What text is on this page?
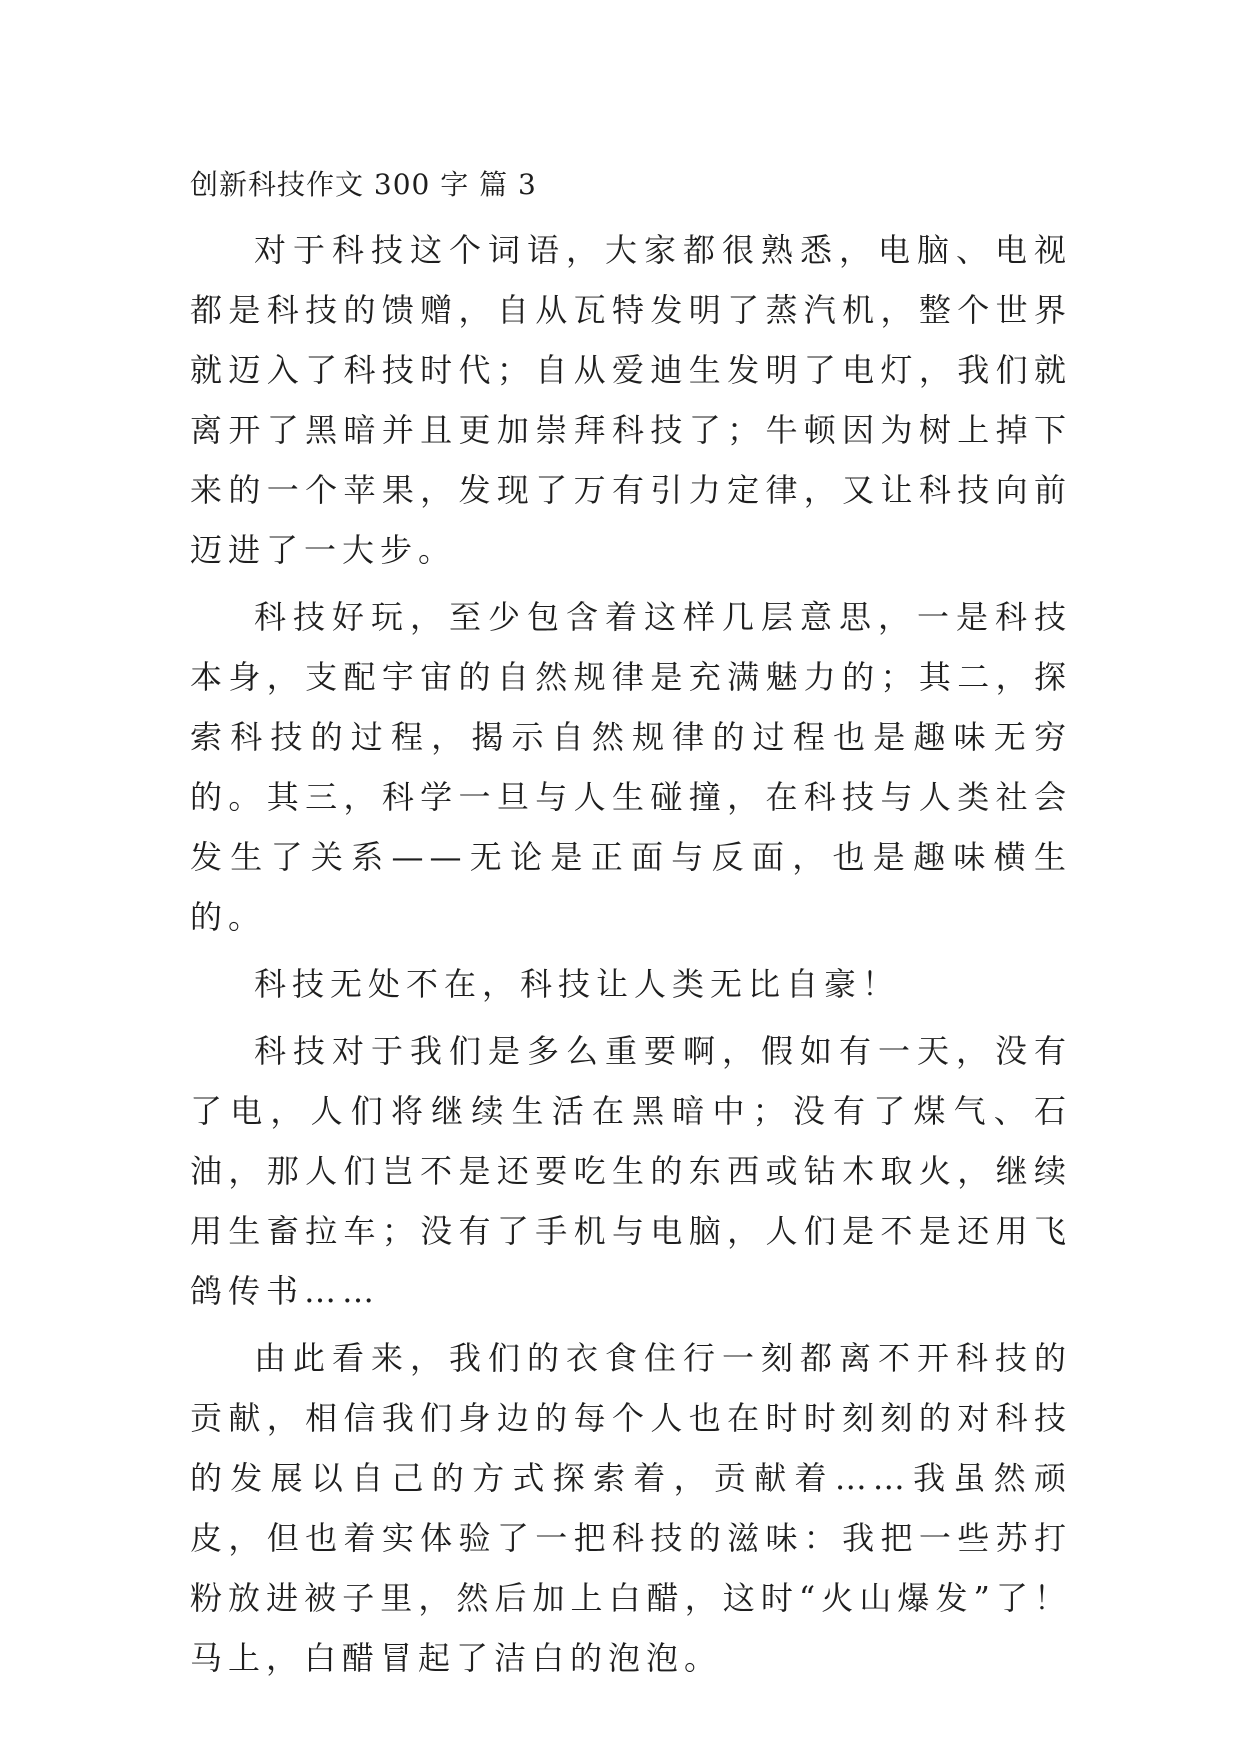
创新科技作文 300 字 篇 3

对于科技这个词语，大家都很熟悉，电脑、电视都是科技的馈赠，自从瓦特发明了蒸汽机，整个世界就迈入了科技时代；自从爱迪生发明了电灯，我们就离开了黑暗并且更加崇拜科技了；牛顿因为树上掉下来的一个苹果，发现了万有引力定律，又让科技向前迈进了一大步。

科技好玩，至少包含着这样几层意思，一是科技本身，支配宇宙的自然规律是充满魅力的；其二，探索科技的过程，揭示自然规律的过程也是趣味无穷的。其三，科学一旦与人生碰撞，在科技与人类社会发生了关系——无论是正面与反面，也是趣味横生的。

科技无处不在，科技让人类无比自豪！

科技对于我们是多么重要啊，假如有一天，没有了电，人们将继续生活在黑暗中；没有了煤气、石油，那人们岂不是还要吃生的东西或钻木取火，继续用生畜拉车；没有了手机与电脑，人们是不是还用飞鸽传书……

由此看来，我们的衣食住行一刻都离不开科技的贡献，相信我们身边的每个人也在时时刻刻的对科技的发展以自己的方式探索着，贡献着……我虽然顽皮，但也着实体验了一把科技的滋味：我把一些苏打粉放进被子里，然后加上白醋，这时“火山爆发”了！马上，白醋冒起了洁白的泡泡。
